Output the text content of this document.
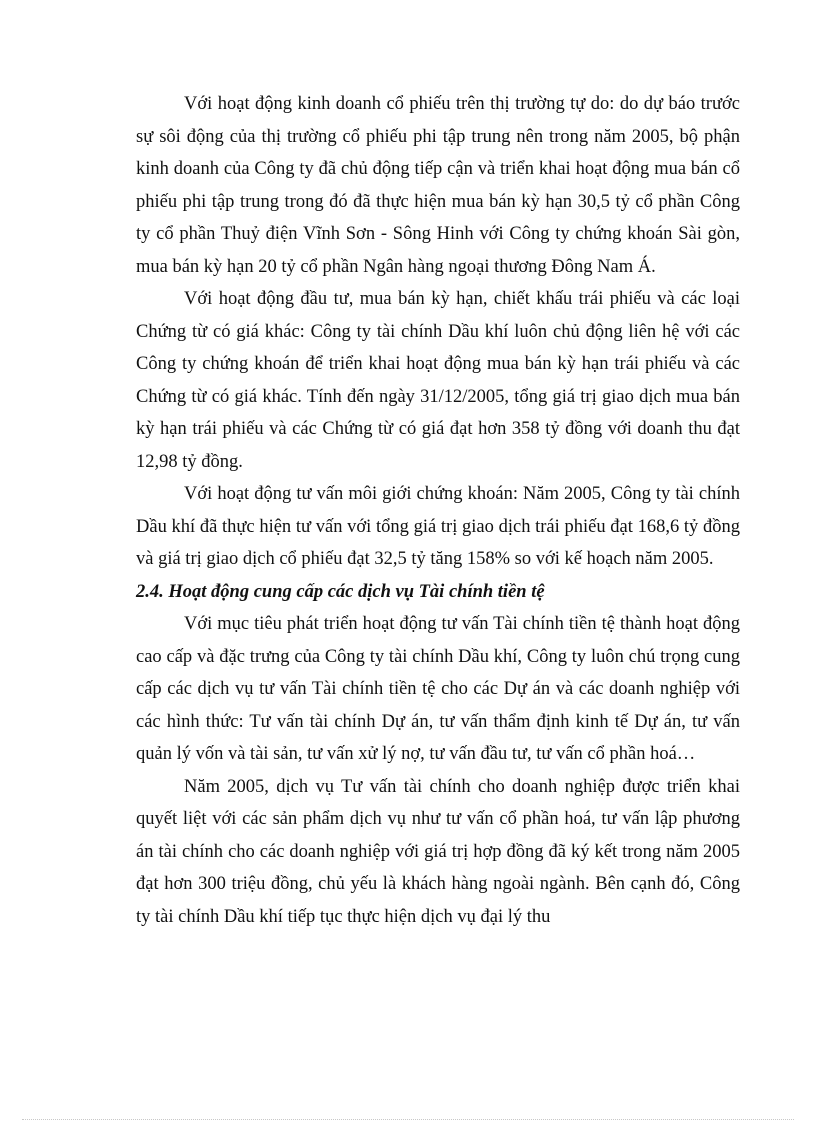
Với hoạt động kinh doanh cổ phiếu trên thị trường tự do: do dự báo trước sự sôi động của thị trường cổ phiếu phi tập trung nên trong năm 2005, bộ phận kinh doanh của Công ty đã chủ động tiếp cận và triển khai hoạt động mua bán cổ phiếu phi tập trung trong đó đã thực hiện mua bán kỳ hạn 30,5 tỷ cổ phần Công ty cổ phần Thuỷ điện Vĩnh Sơn - Sông Hinh với Công ty chứng khoán Sài gòn, mua bán kỳ hạn 20 tỷ cổ phần Ngân hàng ngoại thương Đông Nam Á.

Với hoạt động đầu tư, mua bán kỳ hạn, chiết khấu trái phiếu và các loại Chứng từ có giá khác: Công ty tài chính Dầu khí luôn chủ động liên hệ với các Công ty chứng khoán để triển khai hoạt động mua bán kỳ hạn trái phiếu và các Chứng từ có giá khác. Tính đến ngày 31/12/2005, tổng giá trị giao dịch mua bán kỳ hạn trái phiếu và các Chứng từ có giá đạt hơn 358 tỷ đồng với doanh thu đạt 12,98 tỷ đồng.

Với hoạt động tư vấn môi giới chứng khoán: Năm 2005, Công ty tài chính Dầu khí đã thực hiện tư vấn với tổng giá trị giao dịch trái phiếu đạt 168,6 tỷ đồng và giá trị giao dịch cổ phiếu đạt 32,5 tỷ tăng 158% so với kế hoạch năm 2005.

2.4. Hoạt động cung cấp các dịch vụ Tài chính tiền tệ

Với mục tiêu phát triển hoạt động tư vấn Tài chính tiền tệ thành hoạt động cao cấp và đặc trưng của Công ty tài chính Dầu khí, Công ty luôn chú trọng cung cấp các dịch vụ tư vấn Tài chính tiền tệ cho các Dự án và các doanh nghiệp với các hình thức: Tư vấn tài chính Dự án, tư vấn thẩm định kinh tế Dự án, tư vấn quản lý vốn và tài sản, tư vấn xử lý nợ, tư vấn đầu tư, tư vấn cổ phần hoá…

Năm 2005, dịch vụ Tư vấn tài chính cho doanh nghiệp được triển khai quyết liệt với các sản phẩm dịch vụ như tư vấn cổ phần hoá, tư vấn lập phương án tài chính cho các doanh nghiệp với giá trị hợp đồng đã ký kết trong năm 2005 đạt hơn 300 triệu đồng, chủ yếu là khách hàng ngoài ngành. Bên cạnh đó, Công ty tài chính Dầu khí tiếp tục thực hiện dịch vụ đại lý thu
